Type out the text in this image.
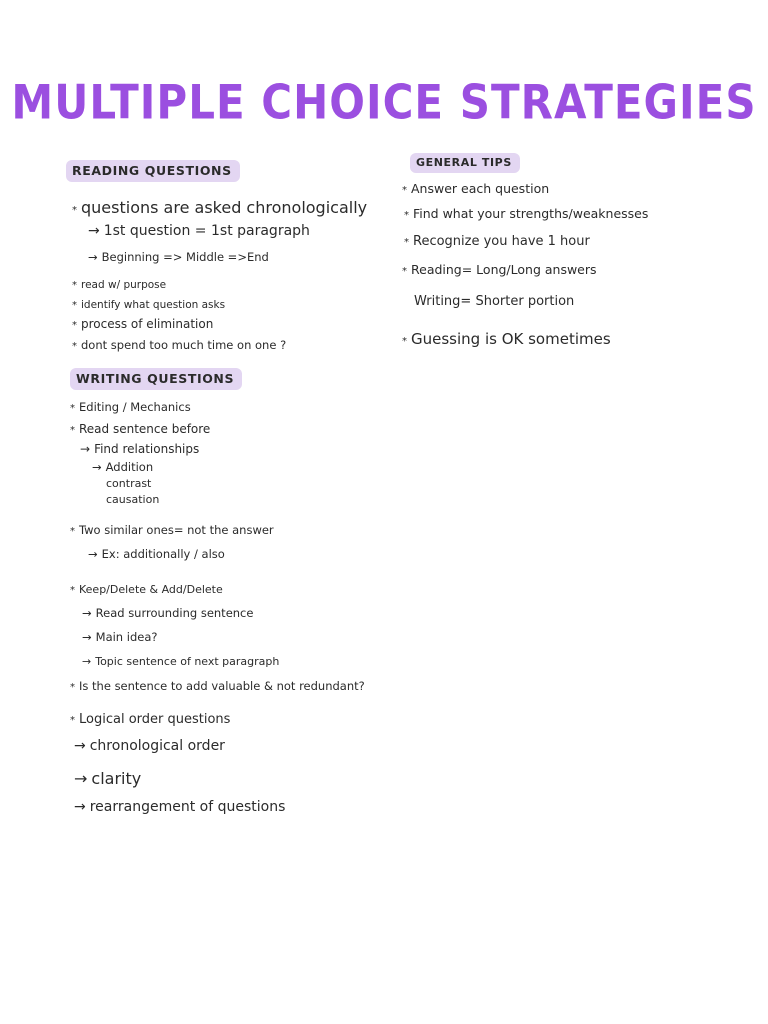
MULTIPLE CHOICE STRATEGIES
READING QUESTIONS
* questions are asked chronologically
→ 1st question = 1st paragraph
→ Beginning => Middle =>End
* read w/ purpose
* identify what question asks
* process of elimination
* dont spend too much time on one ?
WRITING QUESTIONS
* Editing / Mechanics
* Read sentence before
→ Find relationships
→ Addition
contrast
causation
* Two similar ones= not the answer
→ Ex: additionally / also
* Keep/Delete & Add/Delete
→ Read surrounding sentence
→ Main idea?
→ Topic sentence of next paragraph
* Is the sentence to add valuable & not redundant?
* Logical order questions
→ chronological order
→ clarity
→ rearrangement of questions
GENERAL TIPS
* Answer each question
* Find what your strengths/weaknesses
* Recognize you have 1 hour
* Reading= Long/Long answers
Writing= Shorter portion
* Guessing is OK sometimes
